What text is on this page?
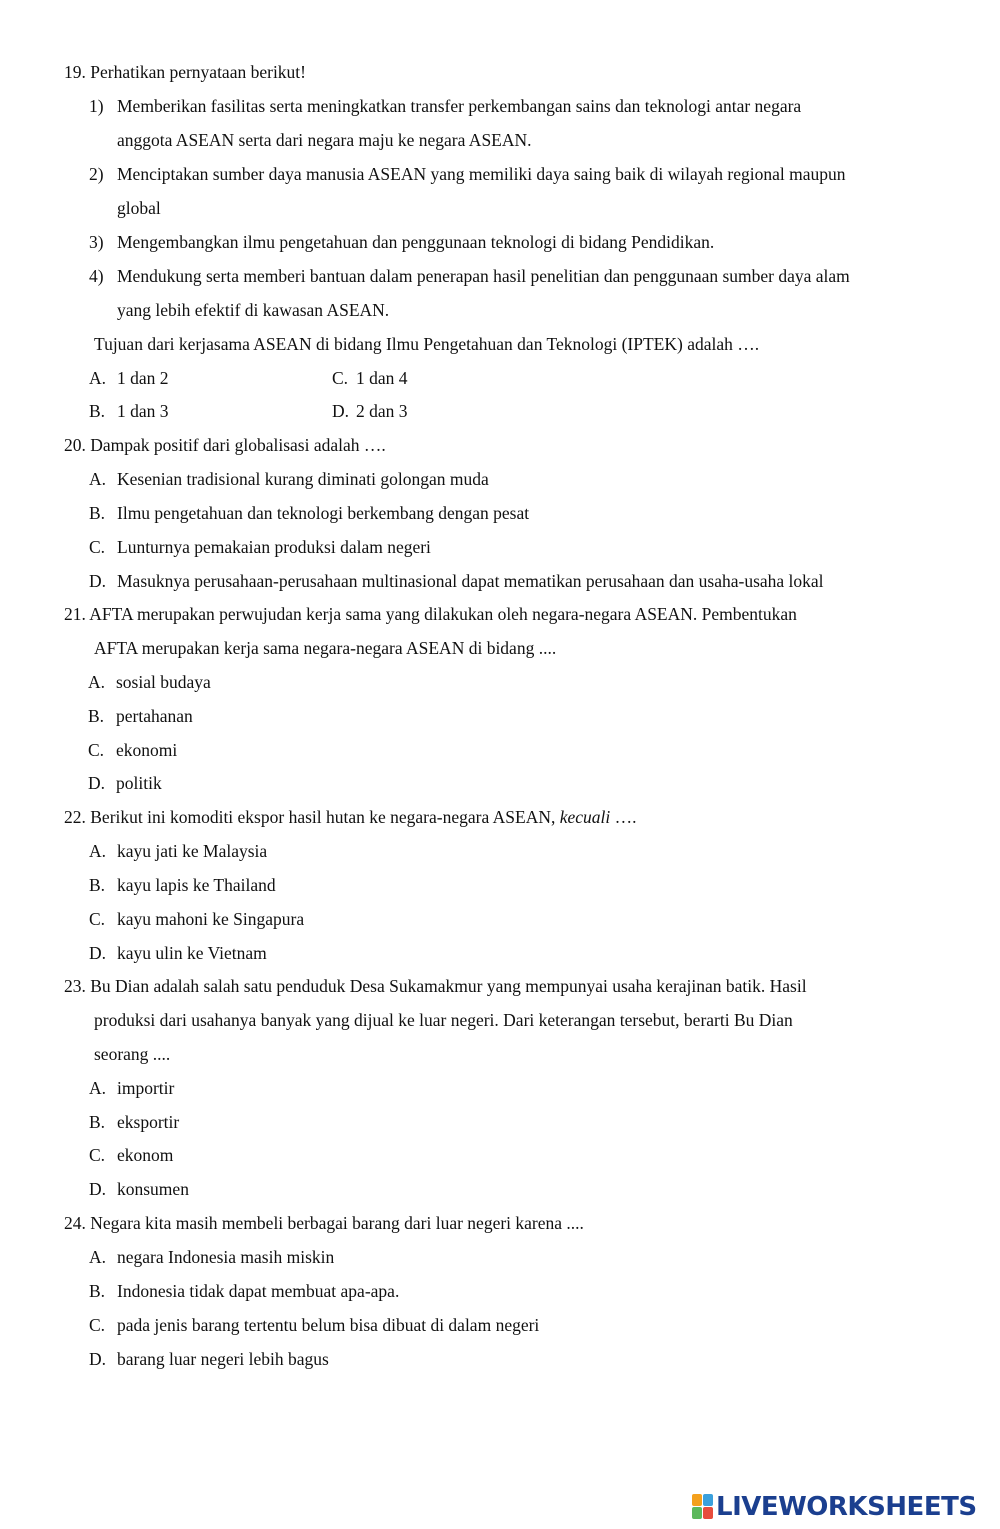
19. Perhatikan pernyataan berikut!
1) Memberikan fasilitas serta meningkatkan transfer perkembangan sains dan teknologi antar negara
anggota ASEAN serta dari negara maju ke negara ASEAN.
2) Menciptakan sumber daya manusia ASEAN yang memiliki daya saing baik di wilayah regional maupun
global
3) Mengembangkan ilmu pengetahuan dan penggunaan teknologi di bidang Pendidikan.
4) Mendukung serta memberi bantuan dalam penerapan hasil penelitian dan penggunaan sumber daya alam
yang lebih efektif di kawasan ASEAN.
Tujuan dari kerjasama ASEAN di bidang Ilmu Pengetahuan dan Teknologi (IPTEK) adalah ….
A. 1 dan 2	C. 1 dan 4
B. 1 dan 3	D. 2 dan 3
20. Dampak positif dari globalisasi adalah ….
A. Kesenian tradisional kurang diminati golongan muda
B. Ilmu pengetahuan dan teknologi berkembang dengan pesat
C. Lunturnya pemakaian produksi dalam negeri
D. Masuknya perusahaan-perusahaan multinasional dapat mematikan perusahaan dan usaha-usaha lokal
21. AFTA merupakan perwujudan kerja sama yang dilakukan oleh negara-negara ASEAN. Pembentukan
AFTA merupakan kerja sama negara-negara ASEAN di bidang ....
A. sosial budaya
B. pertahanan
C. ekonomi
D. politik
22. Berikut ini komoditi ekspor hasil hutan ke negara-negara ASEAN, kecuali ….
A. kayu jati ke Malaysia
B. kayu lapis ke Thailand
C. kayu mahoni ke Singapura
D. kayu ulin ke Vietnam
23. Bu Dian adalah salah satu penduduk Desa Sukamakmur yang mempunyai usaha kerajinan batik. Hasil
produksi dari usahanya banyak yang dijual ke luar negeri. Dari keterangan tersebut, berarti Bu Dian
seorang ....
A. importir
B. eksportir
C. ekonom
D. konsumen
24. Negara kita masih membeli berbagai barang dari luar negeri karena ....
A. negara Indonesia masih miskin
B. Indonesia tidak dapat membuat apa-apa.
C. pada jenis barang tertentu belum bisa dibuat di dalam negeri
D. barang luar negeri lebih bagus
LIVEWORKSHEETS
